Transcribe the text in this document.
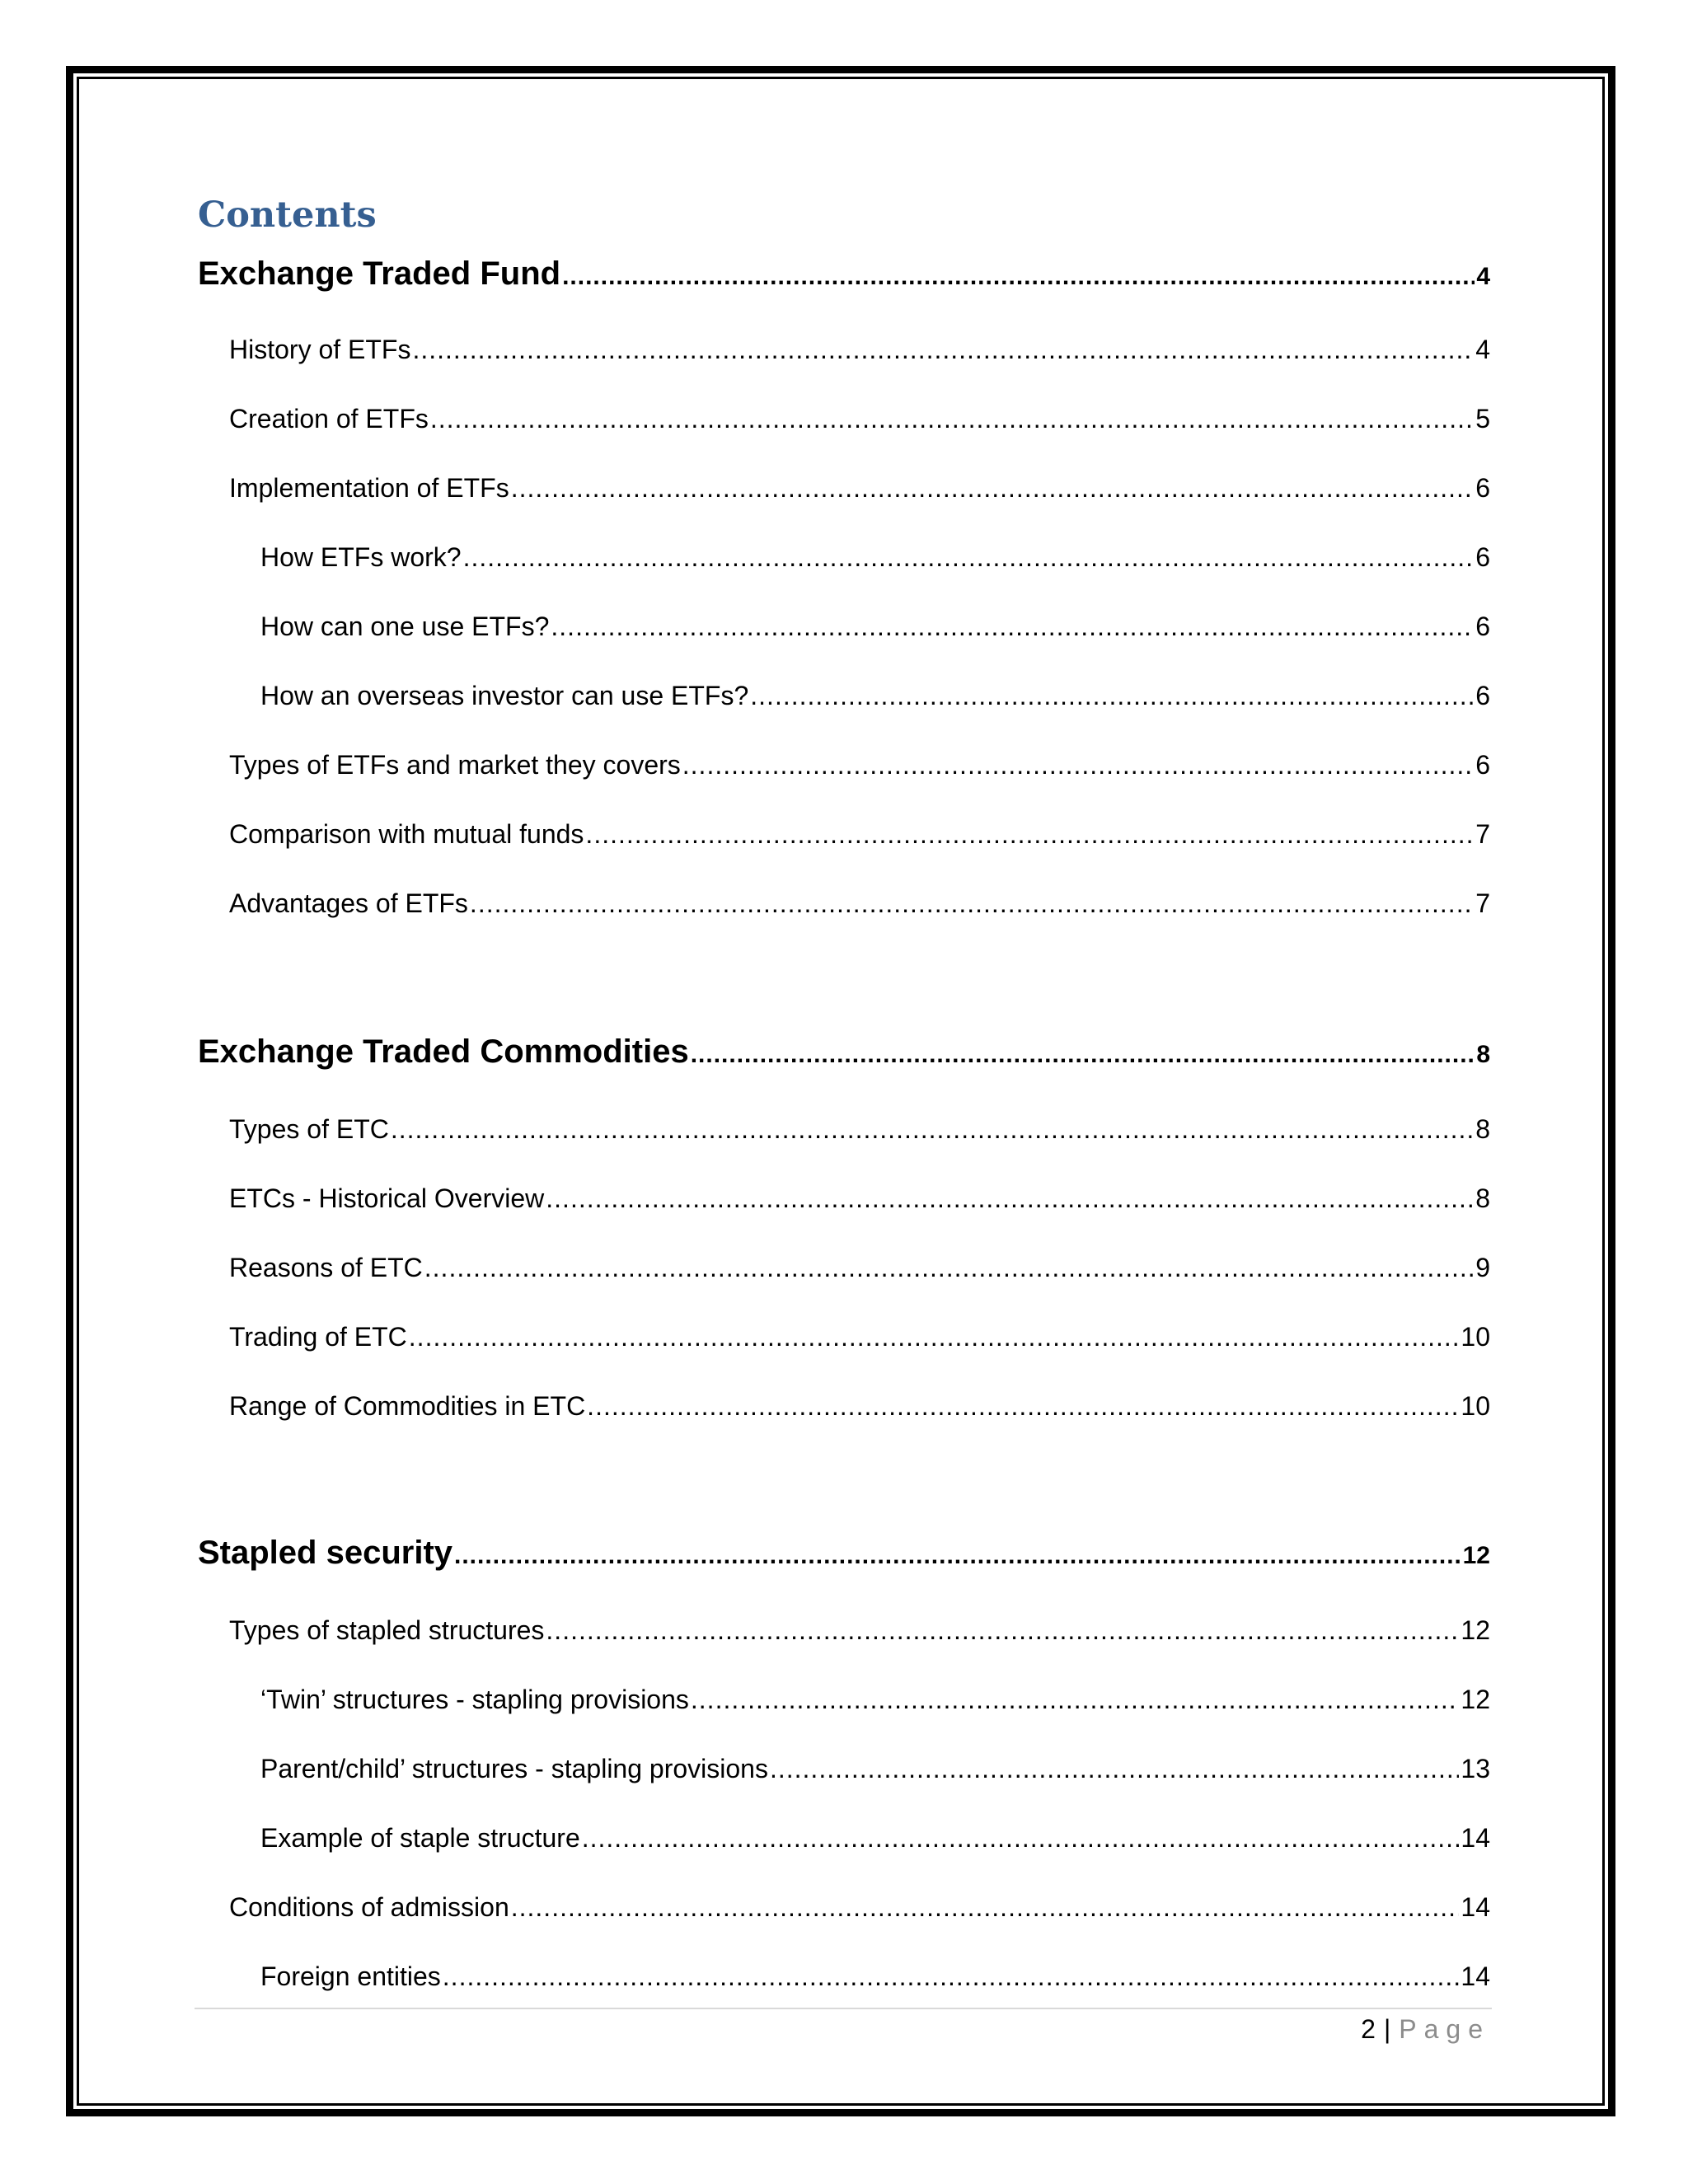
Contents
Exchange Traded Fund .....	4
History of ETFs .....	4
Creation of ETFs .....	5
Implementation of ETFs .....	6
How ETFs work? .....	6
How can one use ETFs? .....	6
How an overseas investor can use ETFs? .....	6
Types of ETFs and market they covers .....	6
Comparison with mutual funds .....	7
Advantages of ETFs .....	7
Exchange Traded Commodities .....	8
Types of ETC .....	8
ETCs - Historical Overview .....	8
Reasons of ETC .....	9
Trading of ETC .....	10
Range of Commodities in ETC .....	10
Stapled security .....	12
Types of stapled structures .....	12
‘Twin’ structures - stapling provisions .....	12
Parent/child’ structures - stapling provisions .....	13
Example of staple structure .....	14
Conditions of admission .....	14
Foreign entities .....	14
2 | Page
